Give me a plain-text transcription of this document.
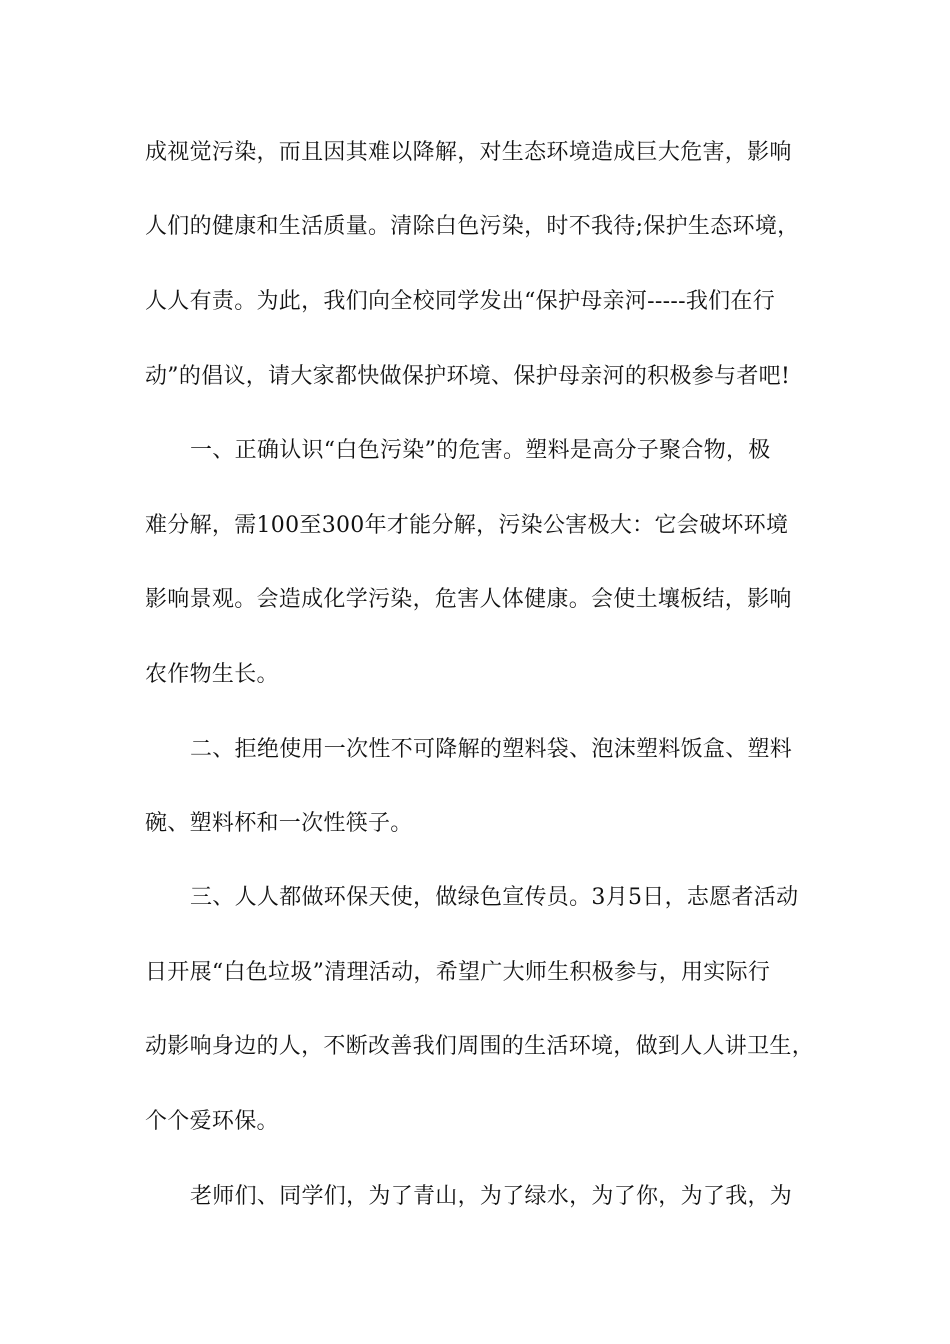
成视觉污染，而且因其难以降解，对生态环境造成巨大危害，影响
人们的健康和生活质量。清除白色污染，时不我待;保护生态环境，
人人有责。为此，我们向全校同学发出“保护母亲河-----我们在行
动”的倡议，请大家都快做保护环境、保护母亲河的积极参与者吧!
一、正确认识“白色污染”的危害。塑料是高分子聚合物，极
难分解，需100至300年才能分解，污染公害极大：它会破坏环境
影响景观。会造成化学污染，危害人体健康。会使土壤板结，影响
农作物生长。
二、拒绝使用一次性不可降解的塑料袋、泡沫塑料饭盒、塑料
碗、塑料杯和一次性筷子。
三、人人都做环保天使，做绿色宣传员。3月5日，志愿者活动
日开展“白色垃圾”清理活动，希望广大师生积极参与，用实际行
动影响身边的人，不断改善我们周围的生活环境，做到人人讲卫生，
个个爱环保。
老师们、同学们，为了青山，为了绿水，为了你，为了我，为
